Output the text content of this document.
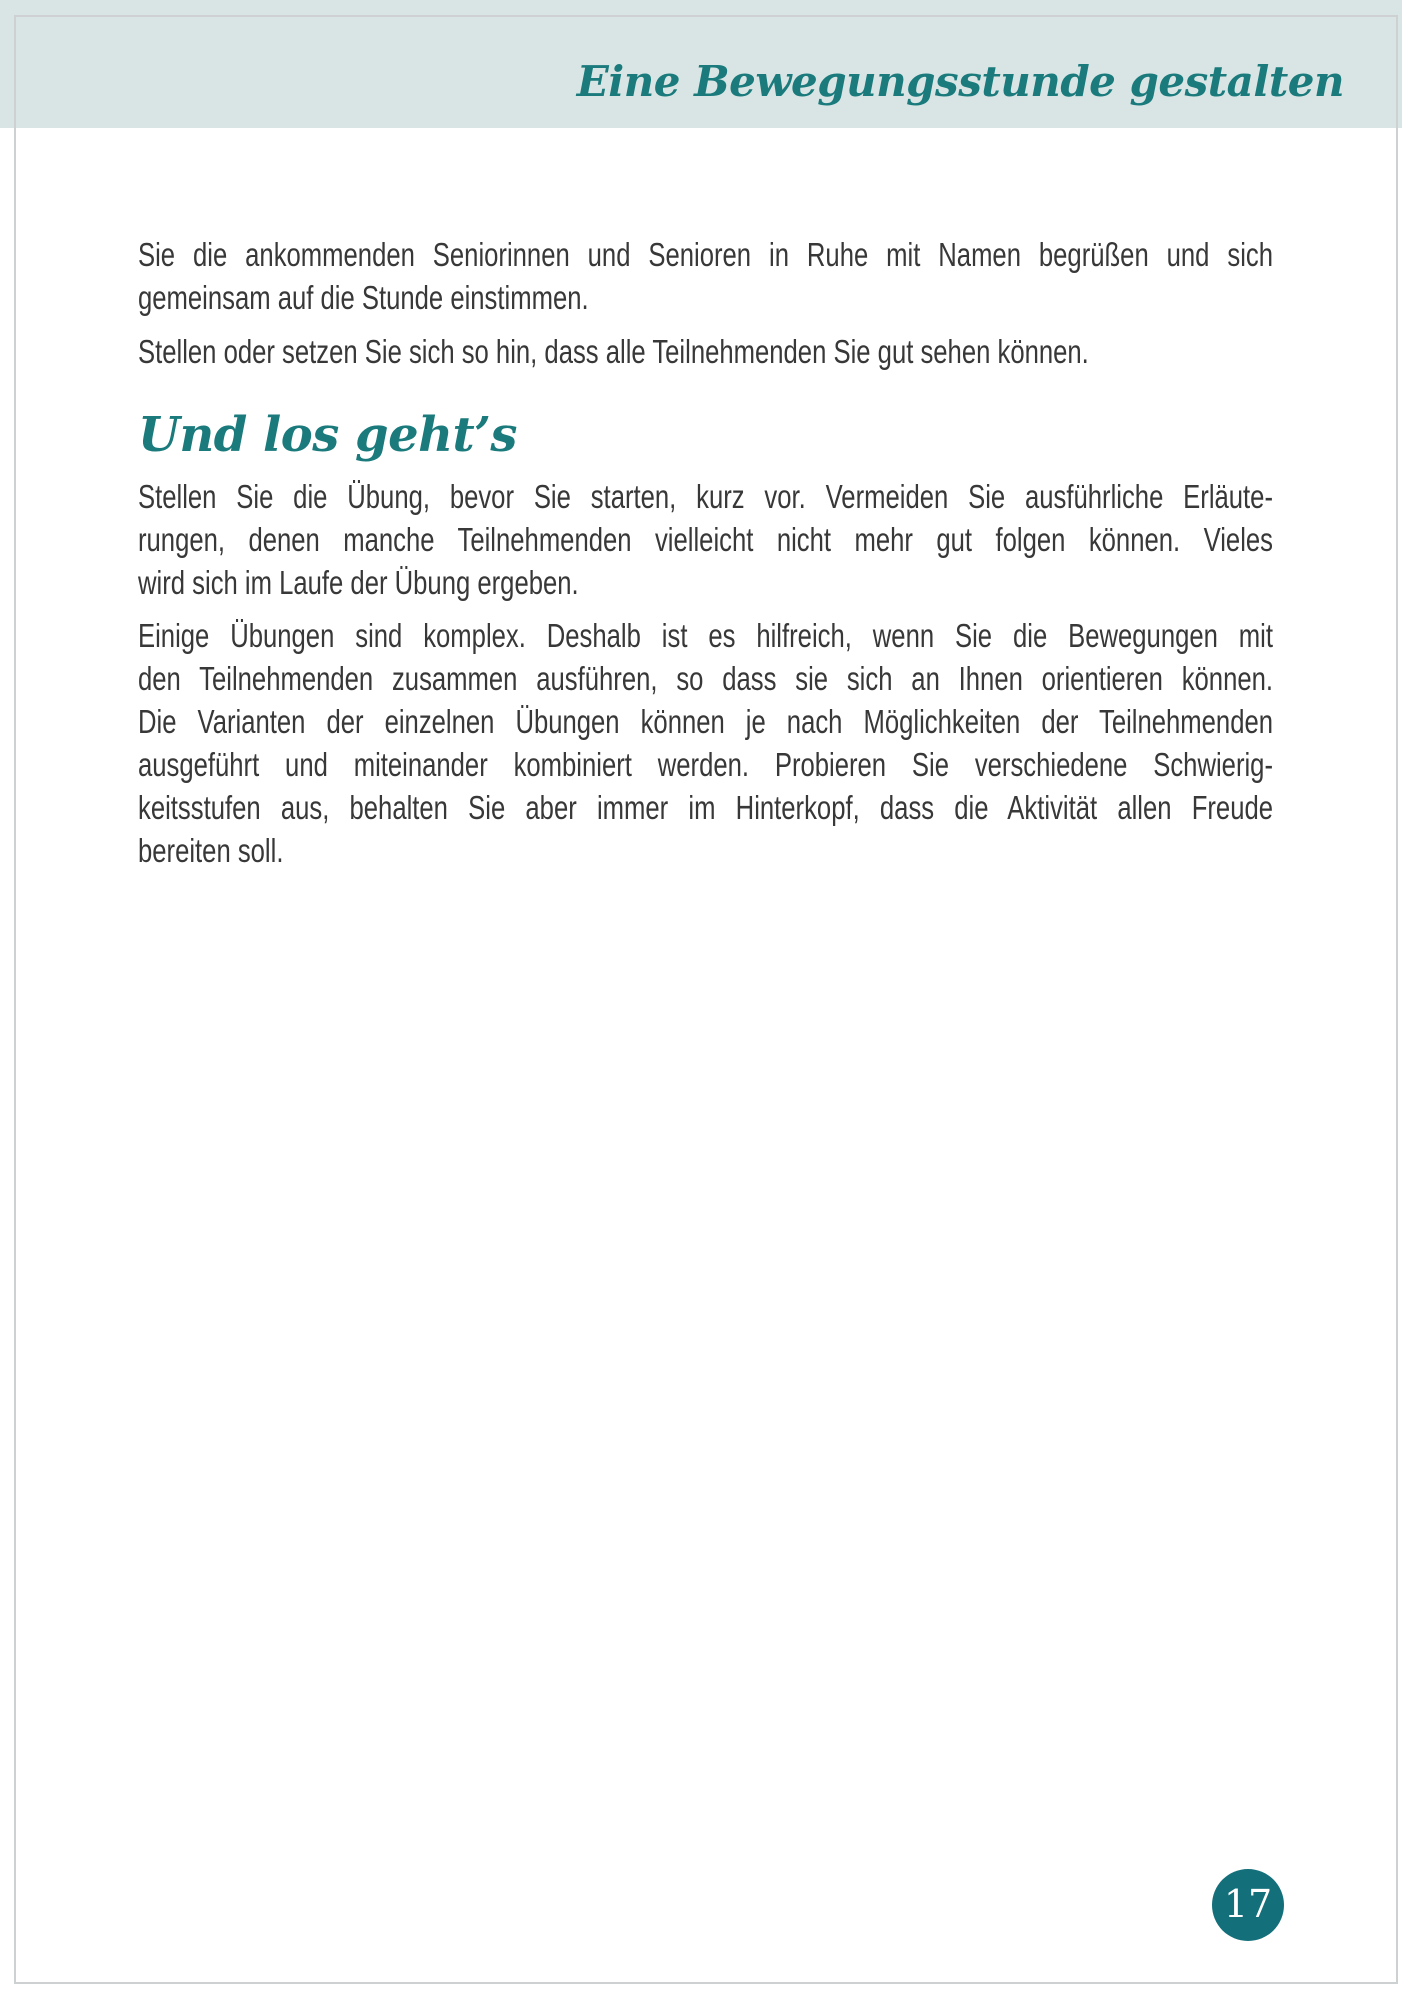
Eine Bewegungsstunde gestalten
Sie die ankommenden Seniorinnen und Senioren in Ruhe mit Namen begrüßen und sich
gemeinsam auf die Stunde einstimmen.
Stellen oder setzen Sie sich so hin, dass alle Teilnehmenden Sie gut sehen können.
Und los geht’s
Stellen Sie die Übung, bevor Sie starten, kurz vor. Vermeiden Sie ausführliche Erläute-
rungen, denen manche Teilnehmenden vielleicht nicht mehr gut folgen können. Vieles
wird sich im Laufe der Übung ergeben.
Einige Übungen sind komplex. Deshalb ist es hilfreich, wenn Sie die Bewegungen mit
den Teilnehmenden zusammen ausführen, so dass sie sich an Ihnen orientieren können.
Die Varianten der einzelnen Übungen können je nach Möglichkeiten der Teilnehmenden
ausgeführt und miteinander kombiniert werden. Probieren Sie verschiedene Schwierig-
keitsstufen aus, behalten Sie aber immer im Hinterkopf, dass die Aktivität allen Freude
bereiten soll.
17
